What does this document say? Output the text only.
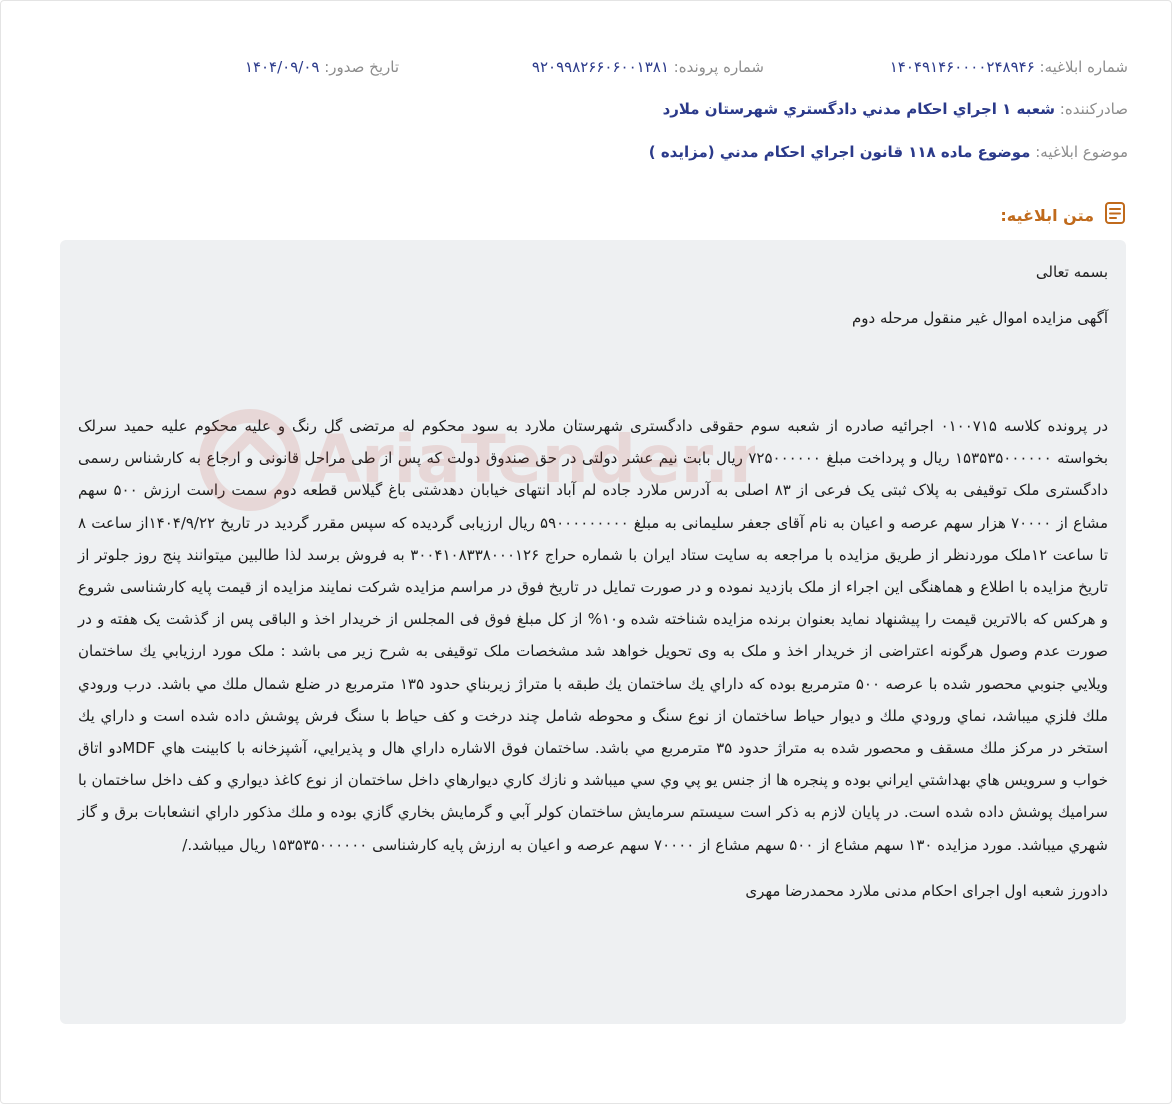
شماره ابلاغيه: ۱۴۰۴۹۱۴۶۰۰۰۰۲۴۸۹۴۶
شماره پرونده: ۹۲۰۹۹۸۲۶۶۰۶۰۰۱۳۸۱
تاريخ صدور: ۱۴۰۴/۰۹/۰۹
صادرکننده: شعبه ۱ اجراي احکام مدني دادگستري شهرستان ملارد
موضوع ابلاغيه: موضوع ماده ۱۱۸ قانون اجراي احکام مدني (مزايده )
متن ابلاغيه:
بسمه تعالی
آگهی مزایده اموال غیر منقول مرحله دوم
در پرونده کلاسه ۰۱۰۰۷۱۵ اجرائیه صادره از شعبه سوم حقوقی دادگستری شهرستان ملارد به سود محکوم له مرتضی گل رنگ و علیه محکوم علیه حمید سرلک بخواسته ۱۵۳۵۳۵۰۰۰۰۰۰ ریال و پرداخت مبلغ ۷۲۵۰۰۰۰۰۰ ریال بابت نیم عشر دولتی در حق صندوق دولت که پس از طی مراحل قانونی و ارجاع به کارشناس رسمی دادگستری ملک توقیفی به پلاک ثبتی یک فرعی از ۸۳ اصلی به آدرس ملارد جاده لم آباد انتهای خیابان دهدشتی باغ گیلاس قطعه دوم سمت راست ارزش ۵۰۰ سهم مشاع از ۷۰۰۰۰ هزار سهم عرصه و اعیان به نام آقای جعفر سلیمانی به مبلغ ۵۹۰۰۰۰۰۰۰۰۰ ریال ارزیابی گردیده که سپس مقرر گردید در تاریخ ۱۴۰۴/۹/۲۲از ساعت ۸ تا ساعت ۱۲ملک موردنظر از طریق مزایده با مراجعه به سایت ستاد ایران با شماره حراج ۳۰۰۴۱۰۸۳۳۸۰۰۰۱۲۶ به فروش برسد لذا طالبین میتوانند پنج روز جلوتر از تاریخ مزایده با اطلاع و هماهنگی این اجراء از ملک بازدید نموده و در صورت تمایل در تاریخ فوق در مراسم مزایده شرکت نمایند مزایده از قیمت پایه کارشناسی شروع و هرکس که بالاترین قیمت را پیشنهاد نماید بعنوان برنده مزایده شناخته شده و۱۰% از کل مبلغ فوق فی المجلس از خریدار اخذ و الباقی پس از گذشت یک هفته و در صورت عدم وصول هرگونه اعتراضی از خریدار اخذ و ملک به وی تحویل خواهد شد مشخصات ملک توقیفی به شرح زیر می باشد : ملک مورد ارزيابي يك ساختمان ويلايي جنوبي محصور شده با عرصه ۵۰۰ مترمربع بوده كه داراي يك ساختمان يك طبقه با متراژ زيربناي حدود ۱۳۵ مترمربع در ضلع شمال ملك مي باشد. درب ورودي ملك فلزي ميباشد، نماي ورودي ملك و ديوار حياط ساختمان از نوع سنگ و محوطه شامل چند درخت و كف حياط با سنگ فرش پوشش داده شده است و داراي يك استخر در مركز ملك مسقف و محصور شده به متراژ حدود ۳۵ مترمربع مي باشد. ساختمان فوق الاشاره داراي هال و پذيرايي، آشپزخانه با كابينت هاي MDFدو اتاق خواب و سرويس هاي بهداشتي ايراني بوده و پنجره ها از جنس يو پي وي سي ميباشد و نازك كاري ديوارهاي داخل ساختمان از نوع كاغذ ديواري و كف داخل ساختمان با سراميك پوشش داده شده است. در پايان لازم به ذكر است سيستم سرمايش ساختمان كولر آبي و گرمايش بخاري گازي بوده و ملك مذكور داراي انشعابات برق و گاز شهري ميباشد. مورد مزايده ۱۳۰ سهم مشاع از ۵۰۰ سهم مشاع از ۷۰۰۰۰ سهم عرصه و اعيان به ارزش پايه كارشناسی ۱۵۳۵۳۵۰۰۰۰۰۰ ریال میباشد./
دادورز شعبه اول اجرای احکام مدنی ملارد محمدرضا مهری
